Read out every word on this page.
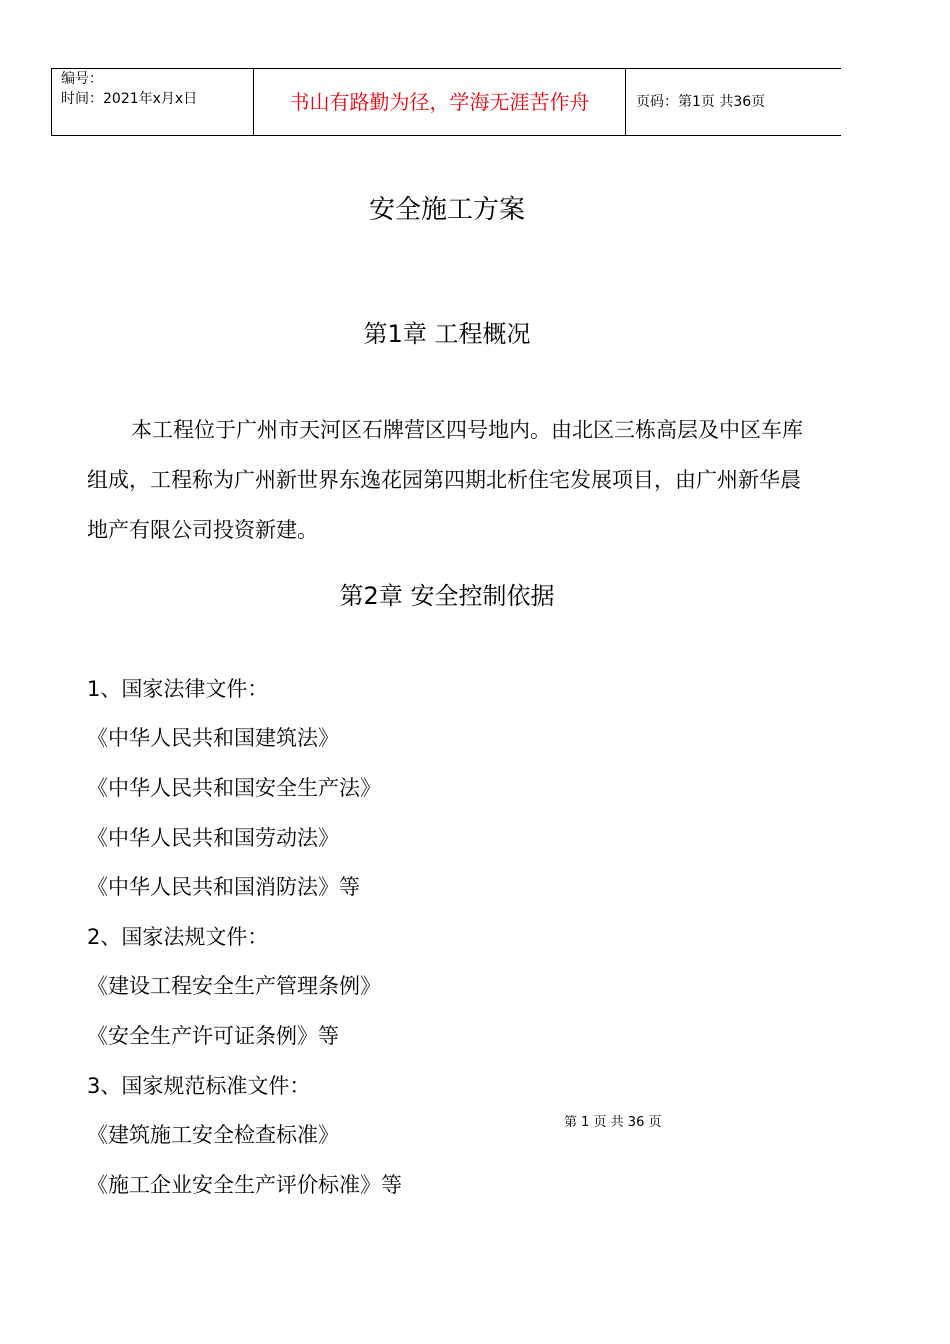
编号：
时间：2021年x月x日	书山有路勤为径，学海无涯苦作舟	页码：第1页 共36页
安全施工方案
第1章 工程概况
本工程位于广州市天河区石牌营区四号地内。由北区三栋高层及中区车库组成，工程称为广州新世界东逸花园第四期北析住宅发展项目，由广州新华晨地产有限公司投资新建。
第2章 安全控制依据
1、国家法律文件：
《中华人民共和国建筑法》
《中华人民共和国安全生产法》
《中华人民共和国劳动法》
《中华人民共和国消防法》等
2、国家法规文件：
《建设工程安全生产管理条例》
《安全生产许可证条例》等
3、国家规范标准文件：
《建筑施工安全检查标准》
《施工企业安全生产评价标准》等
第 1 页 共 36 页
